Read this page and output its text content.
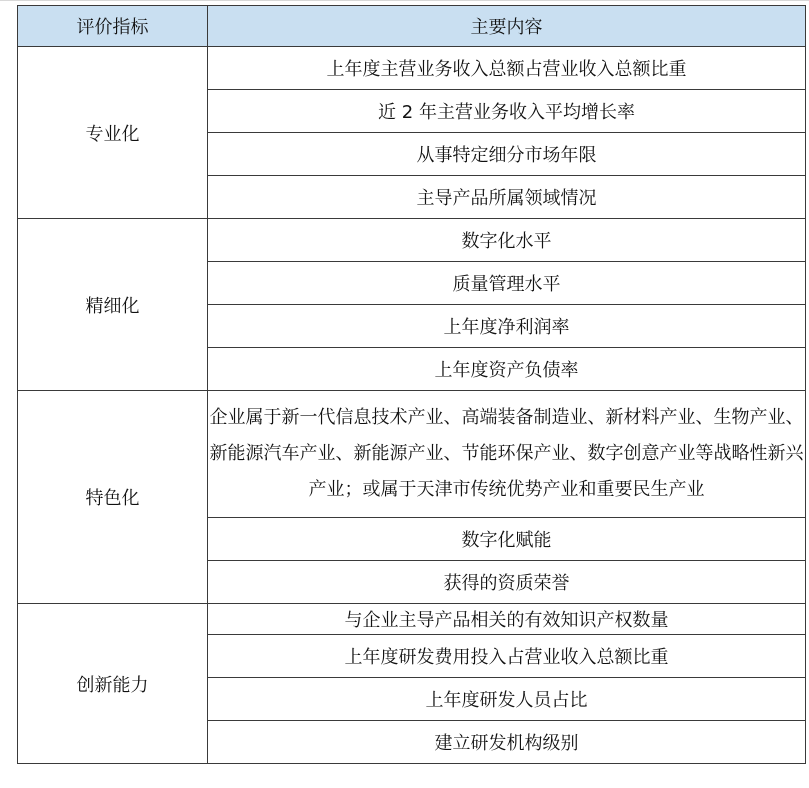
评价指标	主要内容
专业化	上年度主营业务收入总额占营业收入总额比重
	近 2 年主营业务收入平均增长率
	从事特定细分市场年限
	主导产品所属领域情况
精细化	数字化水平
	质量管理水平
	上年度净利润率
	上年度资产负债率
特色化	企业属于新一代信息技术产业、高端装备制造业、新材料产业、生物产业、新能源汽车产业、新能源产业、节能环保产业、数字创意产业等战略性新兴产业；或属于天津市传统优势产业和重要民生产业
	数字化赋能
	获得的资质荣誉
创新能力	与企业主导产品相关的有效知识产权数量
	上年度研发费用投入占营业收入总额比重
	上年度研发人员占比
	建立研发机构级别
